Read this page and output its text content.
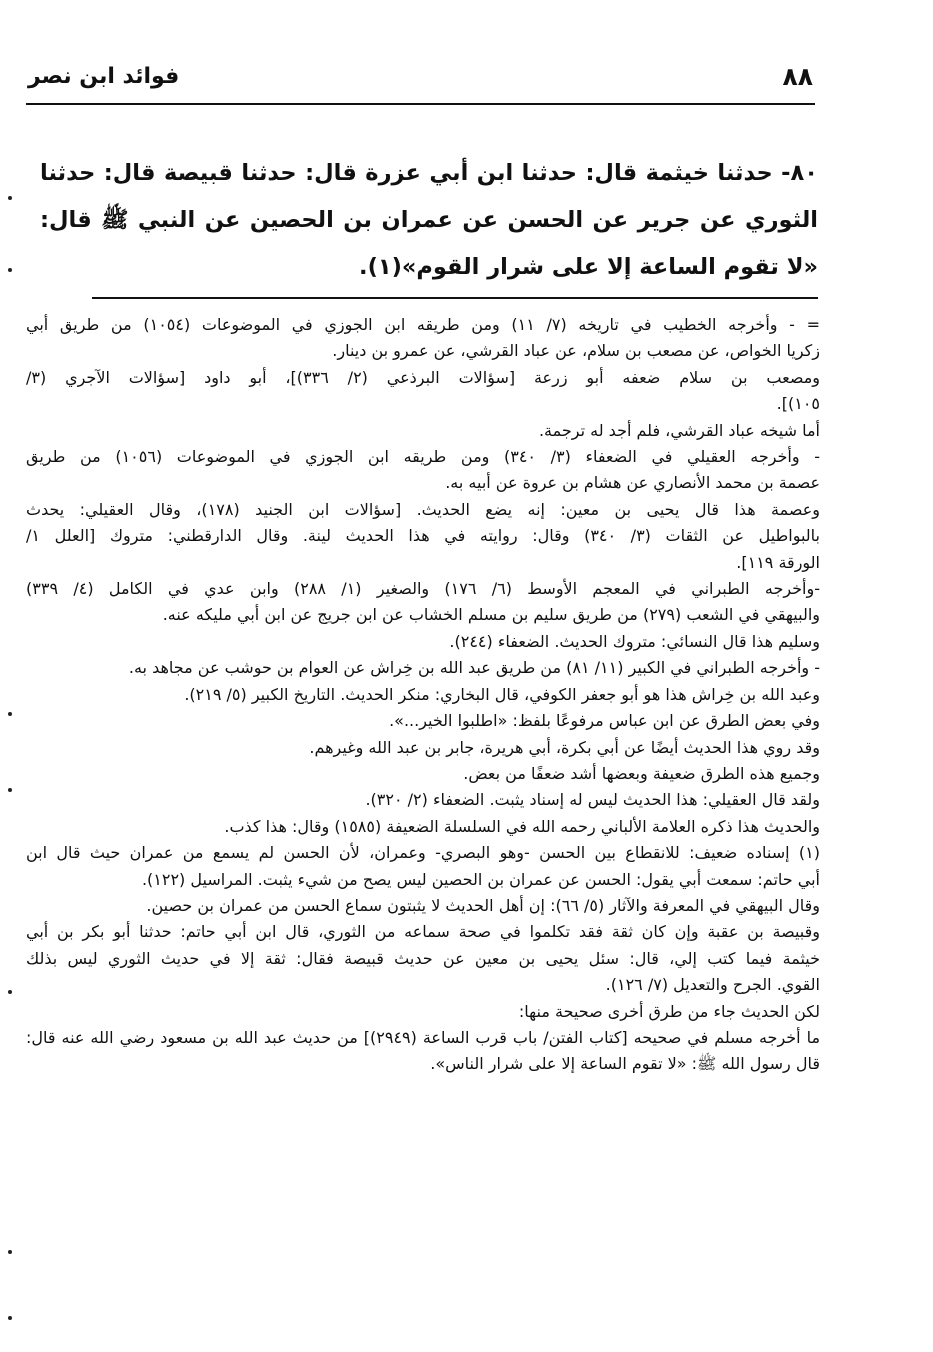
٨٨
فوائد ابن نصر

٨٠- حدثنا خيثمة قال: حدثنا ابن أبي عزرة قال: حدثنا قبيصة قال: حدثنا الثوري عن جرير عن الحسن عن عمران بن الحصين عن النبي ﷺ قال: «لا تقوم الساعة إلا على شرار القوم»(١).

= - وأخرجه الخطيب في تاريخه (٧/ ١١) ومن طريقه ابن الجوزي في الموضوعات (١٠٥٤) من طريق أبي

زكريا الخواص، عن مصعب بن سلام، عن عباد القرشي، عن عمرو بن دينار.

ومصعب بن سلام ضعفه أبو زرعة [سؤالات البرذعي (٢/ ٣٣٦)]، أبو داود [سؤالات الآجري (٣/

١٠٥)].

أما شيخه عباد القرشي، فلم أجد له ترجمة.

- وأخرجه العقيلي في الضعفاء (٣/ ٣٤٠) ومن طريقه ابن الجوزي في الموضوعات (١٠٥٦) من طريق

عصمة بن محمد الأنصاري عن هشام بن عروة عن أبيه به.

وعصمة هذا قال يحيى بن معين: إنه يضع الحديث. [سؤالات ابن الجنيد (١٧٨)، وقال العقيلي: يحدث

بالبواطيل عن الثقات (٣/ ٣٤٠) وقال: روايته في هذا الحديث لينة. وقال الدارقطني: متروك [العلل ١/

الورقة ١١٩].

-وأخرجه الطبراني في المعجم الأوسط (٦/ ١٧٦) والصغير (١/ ٢٨٨) وابن عدي في الكامل (٤/ ٣٣٩)

والبيهقي في الشعب (٢٧٩) من طريق سليم بن مسلم الخشاب عن ابن جريج عن ابن أبي مليكه عنه.

وسليم هذا قال النسائي: متروك الحديث. الضعفاء (٢٤٤).

- وأخرجه الطبراني في الكبير (١١/ ٨١) من طريق عبد الله بن خِراش عن العوام بن حوشب عن مجاهد به.

وعبد الله بن خِراش هذا هو أبو جعفر الكوفي، قال البخاري: منكر الحديث. التاريخ الكبير (٥/ ٢١٩).

وفي بعض الطرق عن ابن عباس مرفوعًا بلفظ: «اطلبوا الخير...».

وقد روي هذا الحديث أيضًا عن أبي بكرة، أبي هريرة، جابر بن عبد الله وغيرهم.

وجميع هذه الطرق ضعيفة وبعضها أشد ضعفًا من بعض.

ولقد قال العقيلي: هذا الحديث ليس له إسناد يثبت. الضعفاء (٢/ ٣٢٠).

والحديث هذا ذكره العلامة الألباني رحمه الله في السلسلة الضعيفة (١٥٨٥) وقال: هذا كذب.

(١) إسناده ضعيف: للانقطاع بين الحسن -وهو البصري- وعمران، لأن الحسن لم يسمع من عمران حيث قال ابن

أبي حاتم: سمعت أبي يقول: الحسن عن عمران بن الحصين ليس يصح من شيء يثبت. المراسيل (١٢٢).

وقال البيهقي في المعرفة والآثار (٥/ ٦٦): إن أهل الحديث لا يثبتون سماع الحسن من عمران بن حصين.

وقبيصة بن عقبة وإن كان ثقة فقد تكلموا في صحة سماعه من الثوري، قال ابن أبي حاتم: حدثنا أبو بكر بن أبي

خيثمة فيما كتب إلي، قال: سئل يحيى بن معين عن حديث قبيصة فقال: ثقة إلا في حديث الثوري ليس بذلك

القوي. الجرح والتعديل (٧/ ١٢٦).

لكن الحديث جاء من طرق أخرى صحيحة منها:

ما أخرجه مسلم في صحيحه [كتاب الفتن/ باب قرب الساعة (٢٩٤٩)] من حديث عبد الله بن مسعود رضي الله عنه قال:

قال رسول الله ﷺ: «لا تقوم الساعة إلا على شرار الناس».
